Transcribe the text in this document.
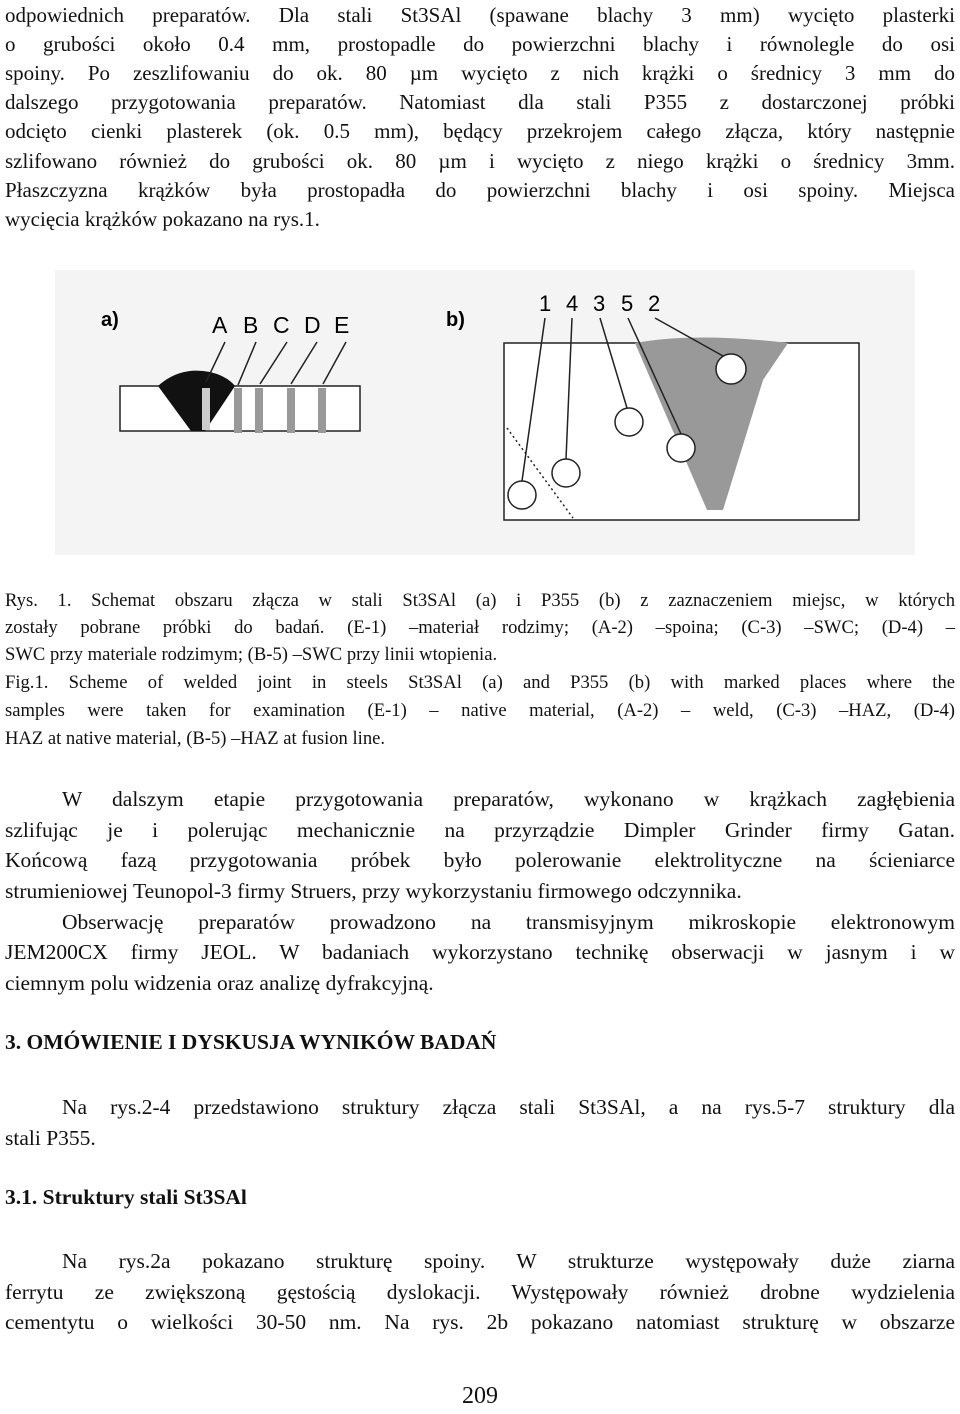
odpowiednich preparatów. Dla stali St3SAl (spawane blachy 3 mm) wycięto plasterki

o grubości około 0.4 mm, prostopadle do powierzchni blachy i równolegle do osi

spoiny. Po zeszlifowaniu do ok. 80 µm wycięto z nich krążki o średnicy 3 mm do

dalszego przygotowania preparatów. Natomiast dla stali P355 z dostarczonej próbki

odcięto cienki plasterek (ok. 0.5 mm), będący przekrojem całego złącza, który następnie

szlifowano również do grubości ok. 80 µm i wycięto z niego krążki o średnicy 3mm.

Płaszczyzna krążków była prostopadła do powierzchni blachy i osi spoiny. Miejsca

wycięcia krążków pokazano na rys.1.

a)	A B C D E	b)
1 4 3 5 2

Rys. 1. Schemat obszaru złącza w stali St3SAl (a) i P355 (b) z zaznaczeniem miejsc, w których

zostały pobrane próbki do badań. (E-1) –materiał rodzimy; (A-2) –spoina; (C-3) –SWC; (D-4) –

SWC przy materiale rodzimym; (B-5) –SWC przy linii wtopienia.

Fig.1. Scheme of welded joint in steels St3SAl (a) and P355 (b) with marked places where the

samples were taken for examination (E-1) – native material, (A-2) – weld, (C-3) –HAZ, (D-4)

HAZ at native material, (B-5) –HAZ at fusion line.

W dalszym etapie przygotowania preparatów, wykonano w krążkach zagłębienia

szlifując je i polerując mechanicznie na przyrządzie Dimpler Grinder firmy Gatan.

Końcową fazą przygotowania próbek było polerowanie elektrolityczne na ścieniarce

strumieniowej Teunopol-3 firmy Struers, przy wykorzystaniu firmowego odczynnika.

Obserwację preparatów prowadzono na transmisyjnym mikroskopie elektronowym

JEM200CX firmy JEOL. W badaniach wykorzystano technikę obserwacji w jasnym i w

ciemnym polu widzenia oraz analizę dyfrakcyjną.

3. OMÓWIENIE I DYSKUSJA WYNIKÓW BADAŃ

Na rys.2-4 przedstawiono struktury złącza stali St3SAl, a na rys.5-7 struktury dla

stali P355.

3.1. Struktury stali St3SAl

Na rys.2a pokazano strukturę spoiny. W strukturze występowały duże ziarna

ferrytu ze zwiększoną gęstością dyslokacji. Występowały również drobne wydzielenia

cementytu o wielkości 30-50 nm. Na rys. 2b pokazano natomiast strukturę w obszarze

209
